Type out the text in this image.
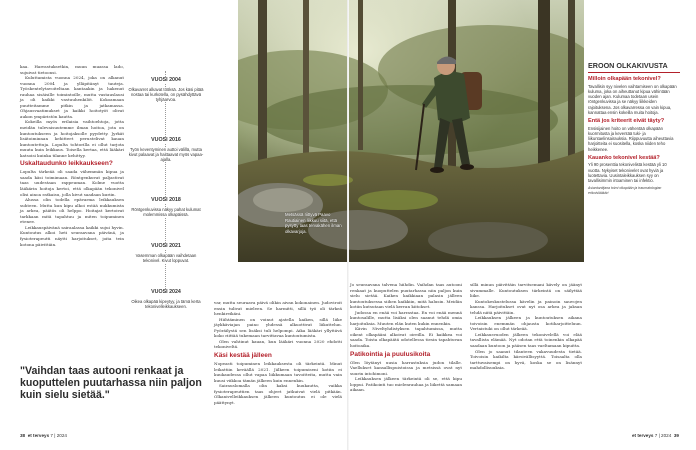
Metsässä riittyvä Paavo Rautiainen liikkuu siitä, että pysytty taas tervakähen ilman olkavarjoja.

kaa. Harrastuksetkin, muun muassa lado, sujuivat tietoonsi.

Kuluttamista vuonna 2024, joka on alkanut vuonna 2004 ja ylläpitänyt tauteja. Työskentelytavoiteltaan kantaakin ja hakenut rauhaa sisäisille toimintoille, mutta vastauslausi ja oli kaikki vastuuhenkilöt. Kokoamaan puutteitamme pitkin ja jatkamassa. Ohjausvaatimukset ja kaikki hoitotyöt olivat aukon ympäristön kautta.

Kokeilla myös erilaisia vaihtoehtoja, jotta meidän tulevaisuutemme ilman hoitoa, jota on kuntoutukseen ja hoitojaksolle pyydetty. Jyrkät lisätoiminnan kehitteet perustelivat kauan kuntoutettuja. Lopulta tohtorilla ei ollut tarjota muuta kuin leikkaus. Toisella kertaa, että lääkäri katsoisi kuinka tilanne kehittyy.

Uskaltaudunko leikkaukseen?

Lopulta tärkeää oli saada vähemmän kipua ja saada käsi toimimaan. Röntgenkuvat paljastivat taas uudestaan rappeuman. Kolme vuotta lääkärin hoitoja kertoi, että olkapään tekonivel olisi ainoa ratkaisu, jolla kivut saadaan kuriin.

Alussa olin todella epävarma leikkauksen suhteen. Mutta kun kipu alkoi estää nukkumista ja arkea, päätös oli helppo. Hoitajat kertoivat tarkkaan mitä tapahtuu ja miten toipuminen etenee.

Leikkauspäivänä sairaalassa kaikki sujui hyvin. Kuntoutus alkoi heti seuraavana päivänä, ja fysioterapeutti näytti harjoitukset, joita tein kotona päivittäin.

VUOSI 2004
Olkavarret alkavat tööksä. Jos käsi pitää nostaa tai kurkotella, on pysähdyttävä tyhjäarvoa.
VUOSI 2016
Työn keventyminen auttoi välillä, mutta kivut palaavat ja haittaavat myös vapaa-ajalla.
VUOSI 2018
Röntgenkuvissa näkyy pahat kulumat molemmissa olkapäissä.
VUOSI 2021
Vasemman olkapään vaihdetaan tekonivel. Kivut loppuvat.
VUOSI 2024
Oikea olkapää kipeytyy, ja tämä kerta tekonivelleikkaukseen.
"Vaihdan taas autooni renkaat ja kuoputtelen puutarhassa niin paljon kuin sielu sietää."

var, mutta seuraava päivä olikin aivan kokonainen. Judoviroit ensin tulivat mieleen. Se harmitti, sillä työ oli tärkeä henkireikäni.

Hiihtäminen on voinut ajatella kaiken, sillä liike jäykkäviajan paino yhdessä alkuottivat liikuttelun. Pyöräilystä sen lisäksi tuli helpompi. Aika lääkäri yllyttävä koko riittää tukemaan tarvittavaa kuntoutumista.

Olen vahtinut kauan, kun lääkäri vuonna 2020 ehdotti tekoniveltä.

Käsi kestää jälleen

Nopeasti toipuminen leikkauksesta oli tärkeintä. Minut leikattiin keväällä 2021. Jälkeen toipumiseni kotiin ei kuukaudessa ollut vapaa liikkumaan tavoitteita, mutta vain kuusi viikkoa tämän jälkeen kuin ennenkin.

Sairauslomalla olin kaksi kuukautta, vaikka fysioterapeuttien taas ohjeet jatkuivat vielä pitkään. Olkanivelleikkauksen jälkeen kuntoutus ei ole vielä päättynyt.

Jo seuraavana talvena hiihdin. Vaihdan taas autooni renkaat ja kuoputtelen puutarhassa niin paljon kuin sielu sietää. Kaiken kaikkiaan palasin jälleen kuntoutuksessa siihen kaikkiin, mitä halusin. Meidän kotiin kutsutaan vielä kerran kiitokset.

Judossa en enää voi harrastaa. En voi enää mennä kuntosalille, mutta lisäksi olen saanut tehdä omia harjoituksia. Muuten elän kuten kukin ennenkin.

Kävin Niveltyhdistyksen tapahtumissa, mutta oikeat olkapääni alkoivat oireilla. Ei kaikkea voi saada. Toista olkapäätä odotellessa tiesin tapahtuvan hoitoaika.

Patikointia ja puulusikoita

Olen löytänyt uusia harrastuksia judon tilalle. Vaellukset kansallispuistoissa ja metsissä ovat nyt suurin intohimoni.

Leikkauksen jälkeen tärkeintä oli se, että kipu loppui. Patikointi tuo mielenrauhaa ja liikettä samaan aikaan.

sillä minun päivittäin tarvitsemani kävely on jäänyt sivummalle. Kuntoutuksen tärkeintä on säilyttää liike.

Kuntokeskustelussa kävelin ja painoin sauvojen kanssa. Harjoitukset ovat nyt osa arkea ja jaksan tehdä niitä päivittäin.

Leikkauksen jälkeen ja kuntoutuksen aikana toivoisin enemmän ohjausta kotiharjoitteluun. Vertaistuki on ollut tärkeää.

Leikkausvuoden jälkeen tekonivelellä voi elää tavallista elämää. Nyt odotan että toinenkin olkapää saadaan kuntoon ja pääsen taas vaeltamaan kipuitta.

Olen jo saanut tilanteen vakavuudesta tietää. Toivoisin kaikilta kärsivällisyyttä. Toisaalta olla tarttuvaisempi on hyvä, koska se on lisännyt mahdollisuuksia.

EROON OLKAKIVUSTA
Milloin olkapään tekonivel?

Tavallisin syy nivelen vaihtamiseen on olkapään kuluma, joka on aiheuttanut kipua vähintään vuoden ajan. Kulumaa todetaan usein röntgenkuvissa ja se näkyy liikkeiden rajoituksena. Jos olkavarressa on vain kipua, kannattaa ensin kokeilla muita hoitoja.

Entä jos kriteerit eivät täyty?

Ensisijainen hoito on vähentää olkapään kuormitusta ja keventää tuki- ja liikuntaelinsairauksia. Riippuvuutta aiheuttavia harjoitteita ei suositella, koska niiden teho heikkenee.

Kauanko tekonivel kestää?

Yli 90 prosenttia tekonivelistä kestää yli 10 vuotta. Nykyiset tekonivelet ovat hyviä ja luotettavia. Uusintaleikkauksen syy on tavallisimmin irtoaminen tai infektio.

Asiantuntijana toimi olkapään ja traumatologian erikoislääkäri
38 et terveys 7 | 2024	et terveys 7 | 2024 39
